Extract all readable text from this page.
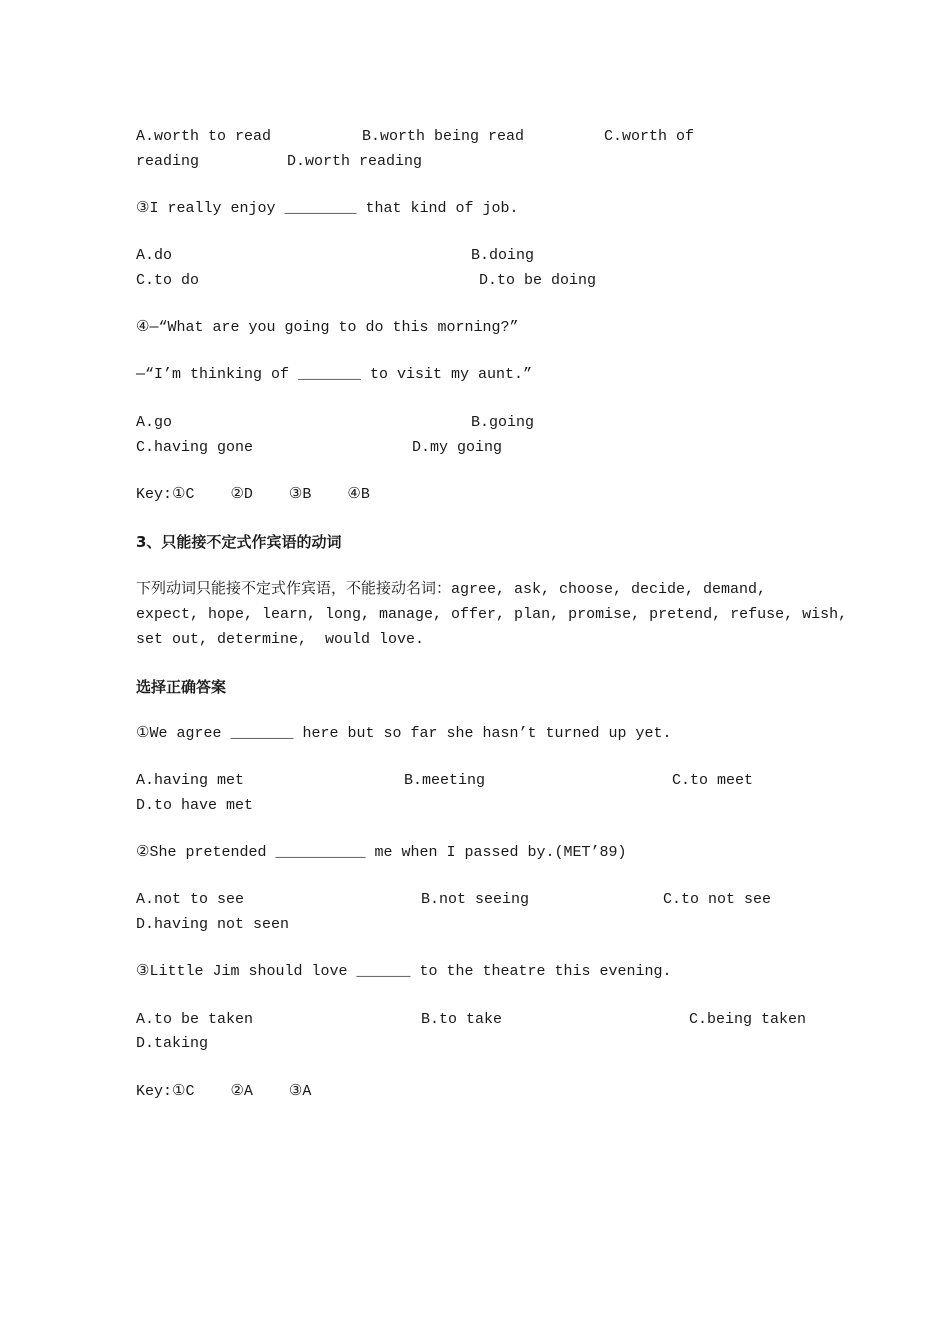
A.worth to read	B.worth being read	C.worth of
reading	D.worth reading
③I really enjoy ________ that kind of job.
A.do	B.doing
C.to do	D.to be doing
④—“What are you going to do this morning?”
—“I’m thinking of _______ to visit my aunt.”
A.go	B.going
C.having gone	D.my going
Key:①C    ②D    ③B    ④B
3、只能接不定式作宾语的动词
下列动词只能接不定式作宾语，不能接动名词：agree, ask, choose, decide, demand,
expect, hope, learn, long, manage, offer, plan, promise, pretend, refuse, wish,
set out, determine,  would love.
选择正确答案
①We agree _______ here but so far she hasn’t turned up yet.
A.having met	B.meeting	C.to meet
D.to have met
②She pretended __________ me when I passed by.(MET’89)
A.not to see	B.not seeing	C.to not see
D.having not seen
③Little Jim should love ______ to the theatre this evening.
A.to be taken	B.to take	C.being taken
D.taking
Key:①C    ②A    ③A
